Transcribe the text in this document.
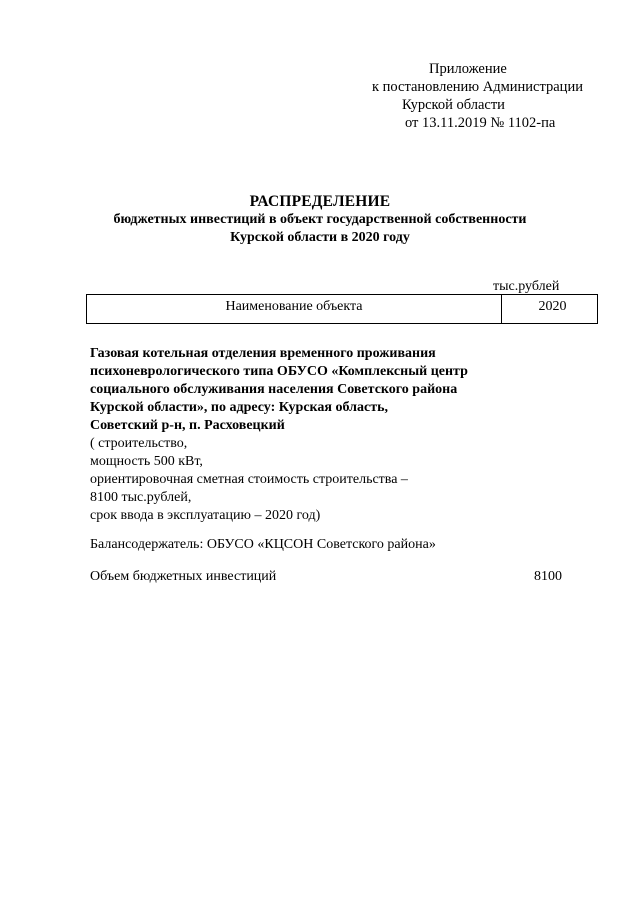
Приложение
к постановлению Администрации
Курской области
от 13.11.2019 № 1102-па
РАСПРЕДЕЛЕНИЕ
бюджетных инвестиций в объект государственной собственности
Курской области в 2020 году
тыс.рублей
Наименование объекта	2020
Газовая котельная отделения временного проживания
психоневрологического типа ОБУСО «Комплексный центр
социального обслуживания населения Советского района
Курской области», по адресу: Курская область,
Советский р-н, п. Расховецкий
( строительство,
мощность 500 кВт,
ориентировочная сметная стоимость строительства –
8100 тыс.рублей,
срок ввода в эксплуатацию – 2020 год)
Балансодержатель: ОБУСО «КЦСОН Советского района»
Объем бюджетных инвестиций	8100
